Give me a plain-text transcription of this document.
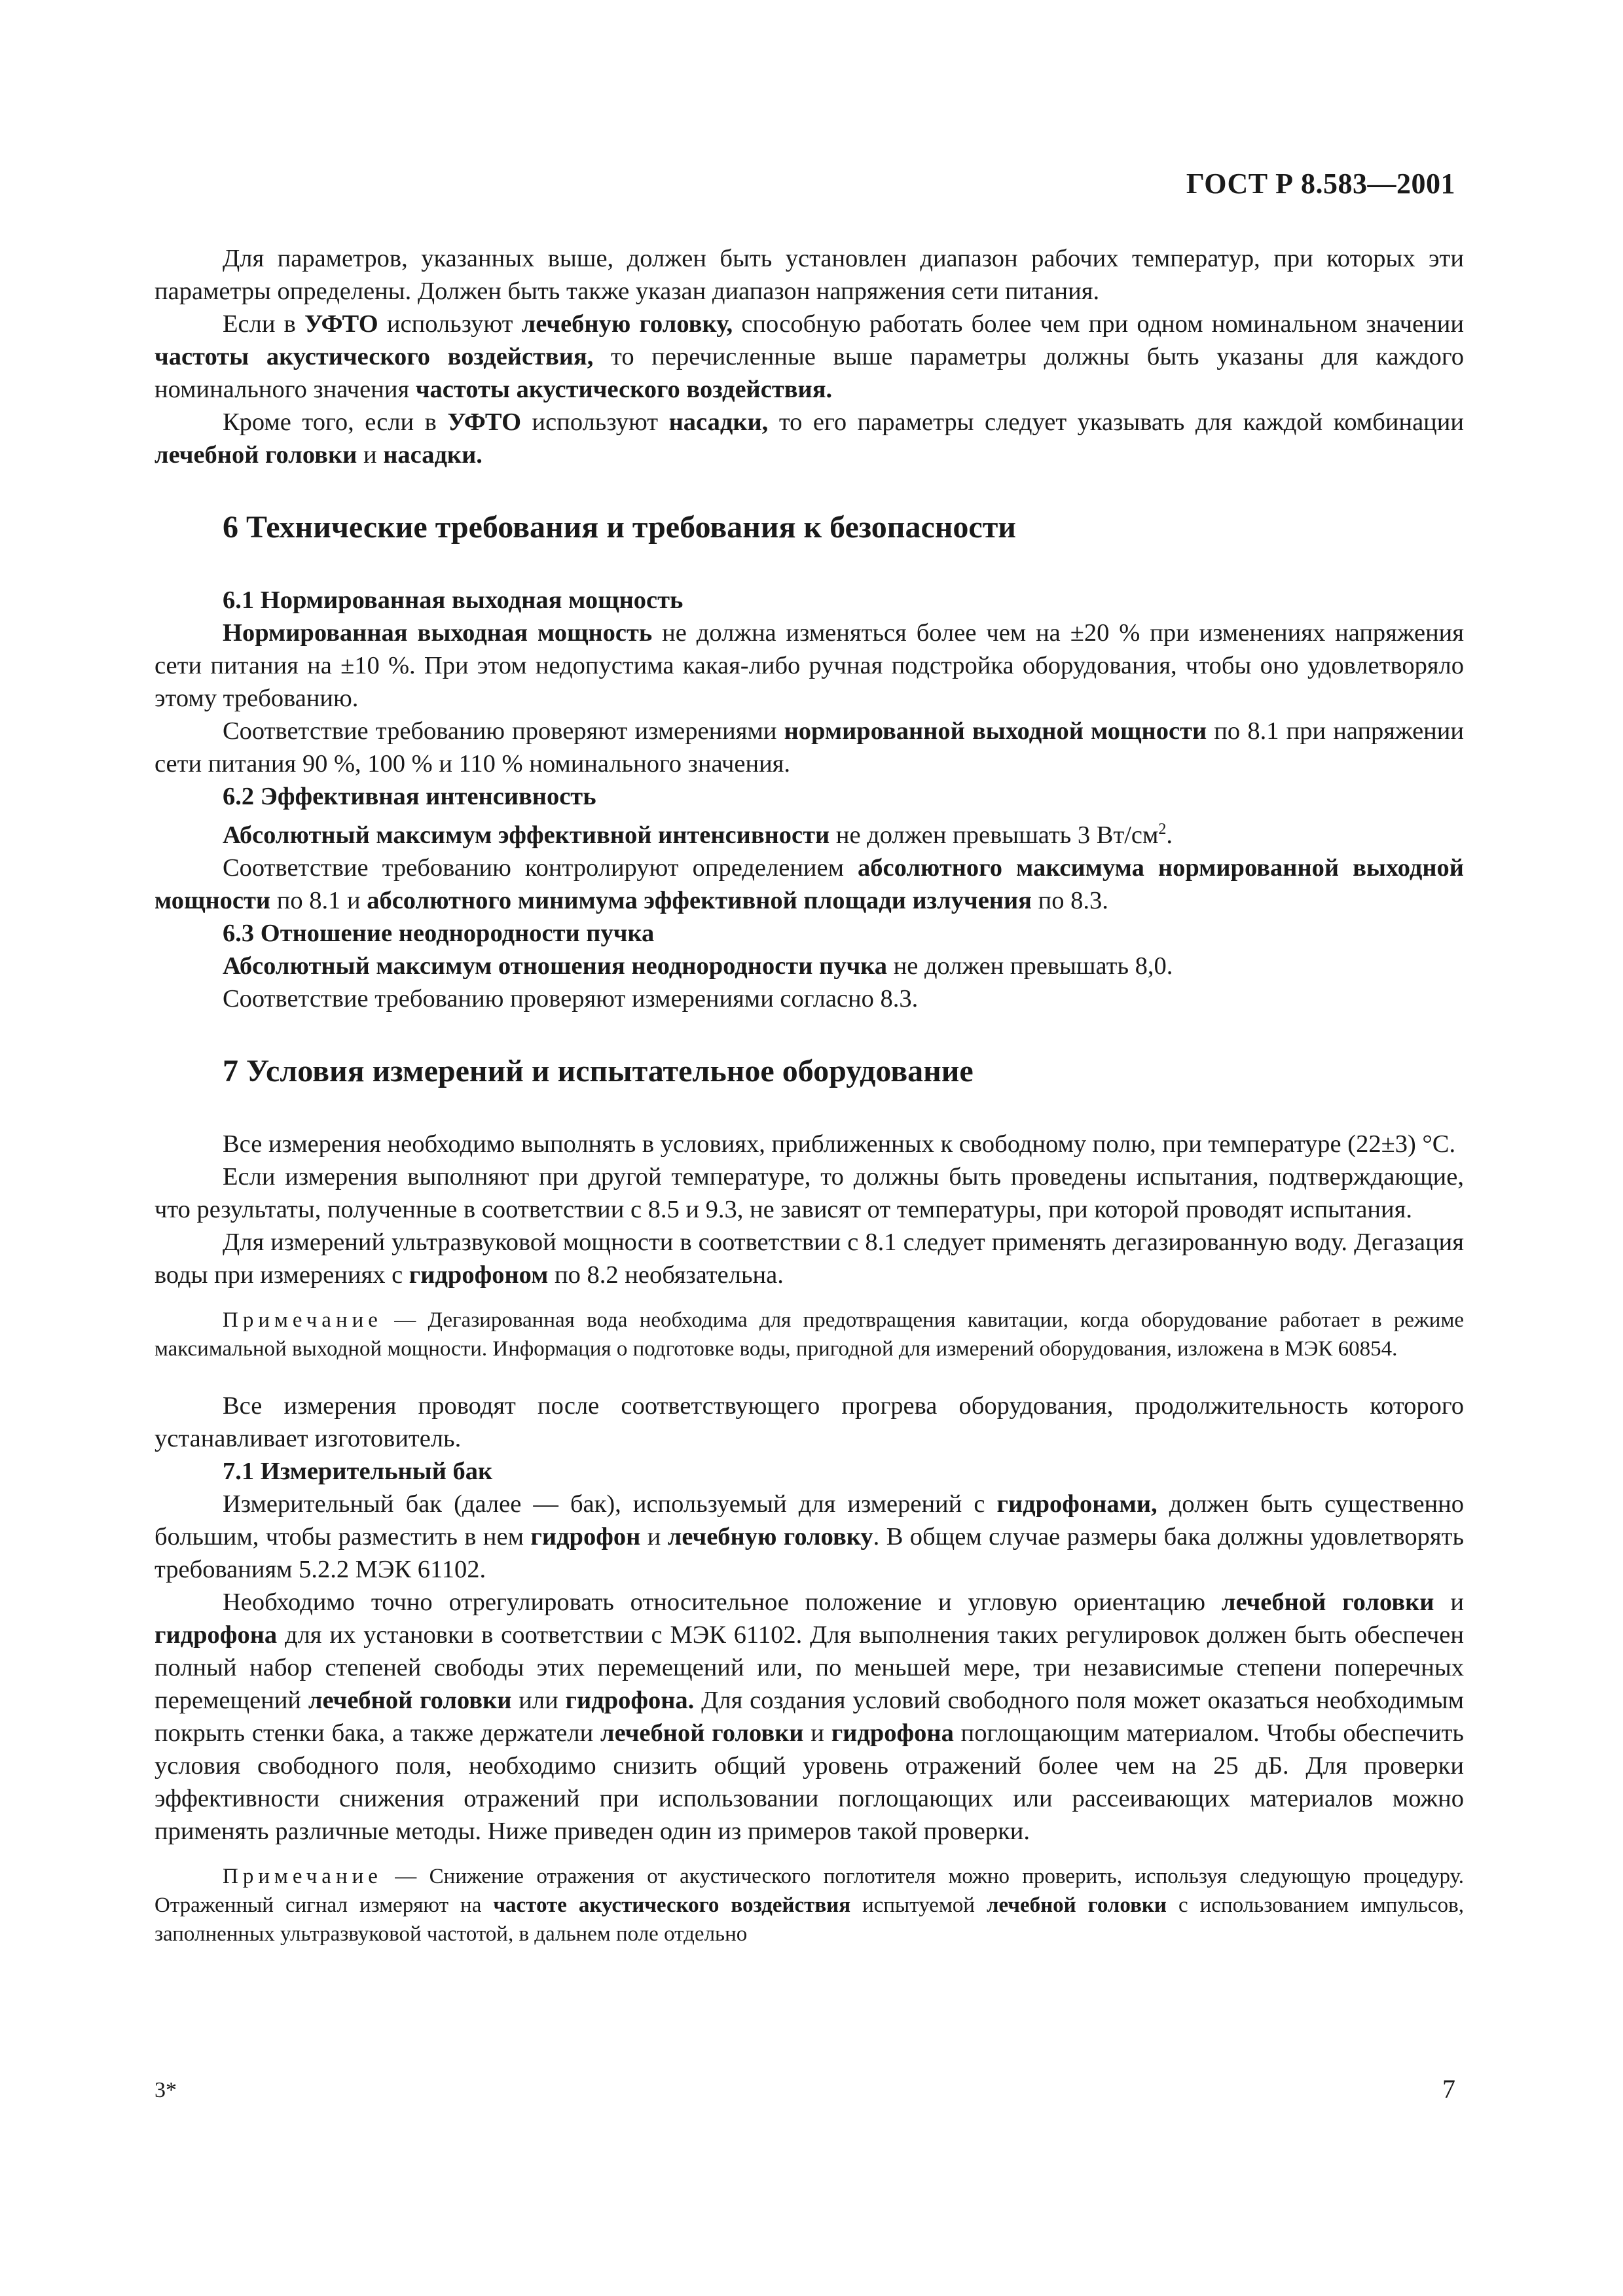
ГОСТ Р 8.583—2001

Для параметров, указанных выше, должен быть установлен диапазон рабочих температур, при которых эти параметры определены. Должен быть также указан диапазон напряжения сети питания.

Если в УФТО используют лечебную головку, способную работать более чем при одном номинальном значении частоты акустического воздействия, то перечисленные выше параметры должны быть указаны для каждого номинального значения частоты акустического воздействия.

Кроме того, если в УФТО используют насадки, то его параметры следует указывать для каждой комбинации лечебной головки и насадки.

6 Технические требования и требования к безопасности

6.1 Нормированная выходная мощность

Нормированная выходная мощность не должна изменяться более чем на ±20 % при изменениях напряжения сети питания на ±10 %. При этом недопустима какая-либо ручная подстройка оборудования, чтобы оно удовлетворяло этому требованию.

Соответствие требованию проверяют измерениями нормированной выходной мощности по 8.1 при напряжении сети питания 90 %, 100 % и 110 % номинального значения.

6.2 Эффективная интенсивность

Абсолютный максимум эффективной интенсивности не должен превышать 3 $Вт/см^2$.

Соответствие требованию контролируют определением абсолютного максимума нормированной выходной мощности по 8.1 и абсолютного минимума эффективной площади излучения по 8.3.

6.3 Отношение неоднородности пучка

Абсолютный максимум отношения неоднородности пучка не должен превышать 8,0.

Соответствие требованию проверяют измерениями согласно 8.3.

7 Условия измерений и испытательное оборудование

Все измерения необходимо выполнять в условиях, приближенных к свободному полю, при температуре (22±3) °С.

Если измерения выполняют при другой температуре, то должны быть проведены испытания, подтверждающие, что результаты, полученные в соответствии с 8.5 и 9.3, не зависят от температуры, при которой проводят испытания.

Для измерений ультразвуковой мощности в соответствии с 8.1 следует применять дегазированную воду. Дегазация воды при измерениях с гидрофоном по 8.2 необязательна.

Примечание — Дегазированная вода необходима для предотвращения кавитации, когда оборудование работает в режиме максимальной выходной мощности. Информация о подготовке воды, пригодной для измерений оборудования, изложена в МЭК 60854.

Все измерения проводят после соответствующего прогрева оборудования, продолжительность которого устанавливает изготовитель.

7.1 Измерительный бак

Измерительный бак (далее — бак), используемый для измерений с гидрофонами, должен быть существенно большим, чтобы разместить в нем гидрофон и лечебную головку. В общем случае размеры бака должны удовлетворять требованиям 5.2.2 МЭК 61102.

Необходимо точно отрегулировать относительное положение и угловую ориентацию лечебной головки и гидрофона для их установки в соответствии с МЭК 61102. Для выполнения таких регулировок должен быть обеспечен полный набор степеней свободы этих перемещений или, по меньшей мере, три независимые степени поперечных перемещений лечебной головки или гидрофона. Для создания условий свободного поля может оказаться необходимым покрыть стенки бака, а также держатели лечебной головки и гидрофона поглощающим материалом. Чтобы обеспечить условия свободного поля, необходимо снизить общий уровень отражений более чем на 25 дБ. Для проверки эффективности снижения отражений при использовании поглощающих или рассеивающих материалов можно применять различные методы. Ниже приведен один из примеров такой проверки.

Примечание — Снижение отражения от акустического поглотителя можно проверить, используя следующую процедуру. Отраженный сигнал измеряют на частоте акустического воздействия испытуемой лечебной головки с использованием импульсов, заполненных ультразвуковой частотой, в дальнем поле отдельно

3*	7
